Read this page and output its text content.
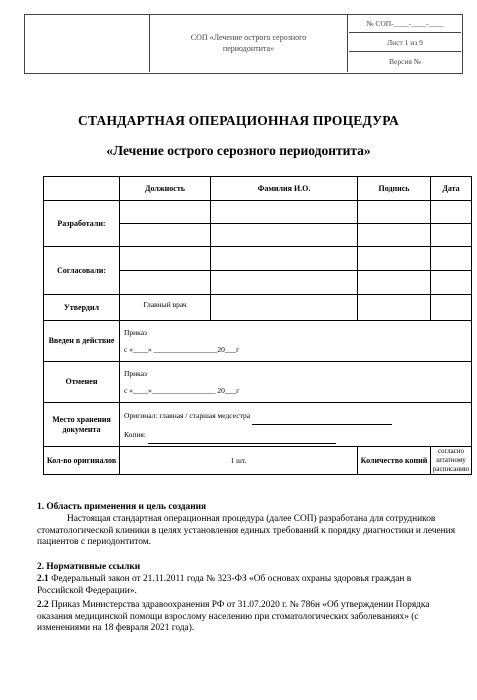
СОП «Лечение острого серозного периодонтита»
№ СОП-____-____-____
Лист 1 из 9
Версия №
СТАНДАРТНАЯ ОПЕРАЦИОННАЯ ПРОЦЕДУРА
«Лечение острого серозного периодонтита»
	Должность	Фамилия И.О.	Подпись	Дата
Разработали:				

Согласовали:				

Утвердил	Главный врач			
Введен в действие	Приказ
с «____» _________________20___г			

Отменен	Приказ
с «____»_________________ 20___г			

Место хранения документа	Оригинал: главная / старшая медсестра
Копия:			

Кол-во оригиналов	1 шт.		Количество копий	согласно штатному расписанию
1. Область применения и цель создания
Настоящая стандартная операционная процедура (далее СОП) разработана для сотрудников стоматологической клиники в целях установления единых требований к порядку диагностики и лечения пациентов с периодонтитом.
2. Нормативные ссылки
2.1 Федеральный закон от 21.11.2011 года № 323-ФЗ «Об основах охраны здоровья граждан в Российской Федерации».
2.2 Приказ Министерства здравоохранения РФ от 31.07.2020 г. № 786н «Об утверждении Порядка оказания медицинской помощи взрослому населению при стоматологических заболеваниях» (с изменениями на 18 февраля 2021 года).
